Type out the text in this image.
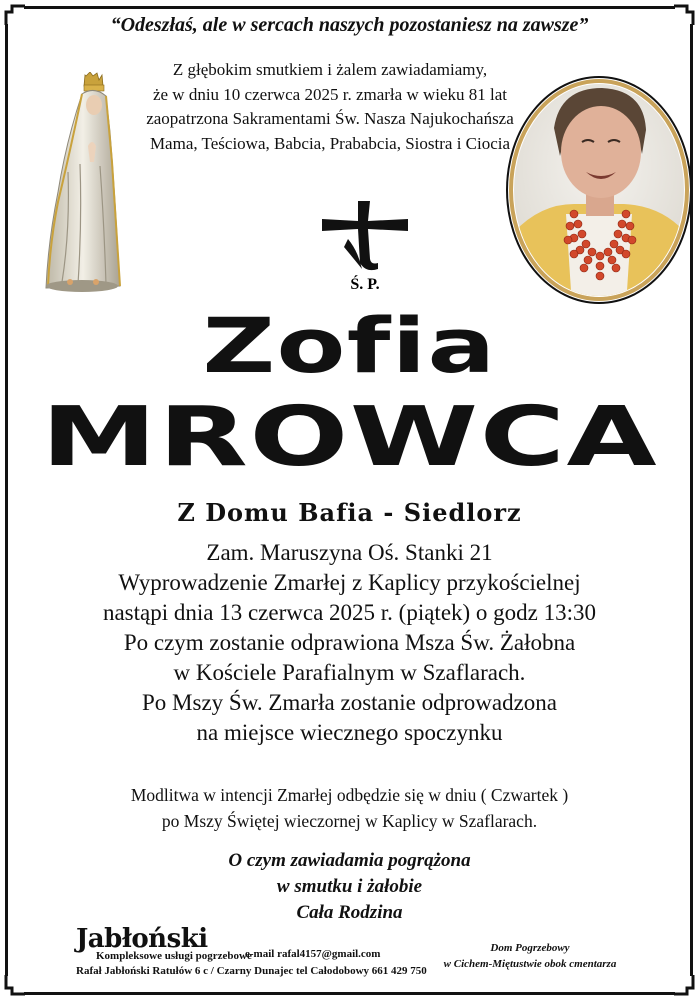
“Odeszłaś, ale w sercach naszych pozostaniesz na zawsze”
Z głębokim smutkiem i żalem zawiadamiamy,
że w dniu 10 czerwca 2025 r. zmarła w wieku 81 lat
zaopatrzona Sakramentami Św. Nasza Najukochańsza
Mama, Teściowa, Babcia, Prababcia, Siostra i Ciocia
Ś. P.
Zofia
MROWCA
Z Domu Bafia - Siedlorz
Zam. Maruszyna Oś. Stanki 21
Wyprowadzenie Zmarłej z Kaplicy przykościelnej
nastąpi dnia 13 czerwca 2025 r. (piątek) o godz 13:30
Po czym zostanie odprawiona Msza Św. Żałobna
w Kościele Parafialnym w Szaflarach.
Po Mszy Św. Zmarła zostanie odprowadzona
na miejsce wiecznego spoczynku
Modlitwa w intencji Zmarłej odbędzie się w dniu ( Czwartek )
po Mszy Świętej wieczornej w Kaplicy w Szaflarach.
O czym zawiadamia pogrążona
w smutku i żałobie
Cała Rodzina
Jabłoński
Kompleksowe usługi pogrzebowe
e-mail rafal4157@gmail.com
Rafał Jabłoński Ratułów 6 c / Czarny Dunajec tel Całodobowy 661 429 750
Dom Pogrzebowy
w Cichem-Miętustwie obok cmentarza
